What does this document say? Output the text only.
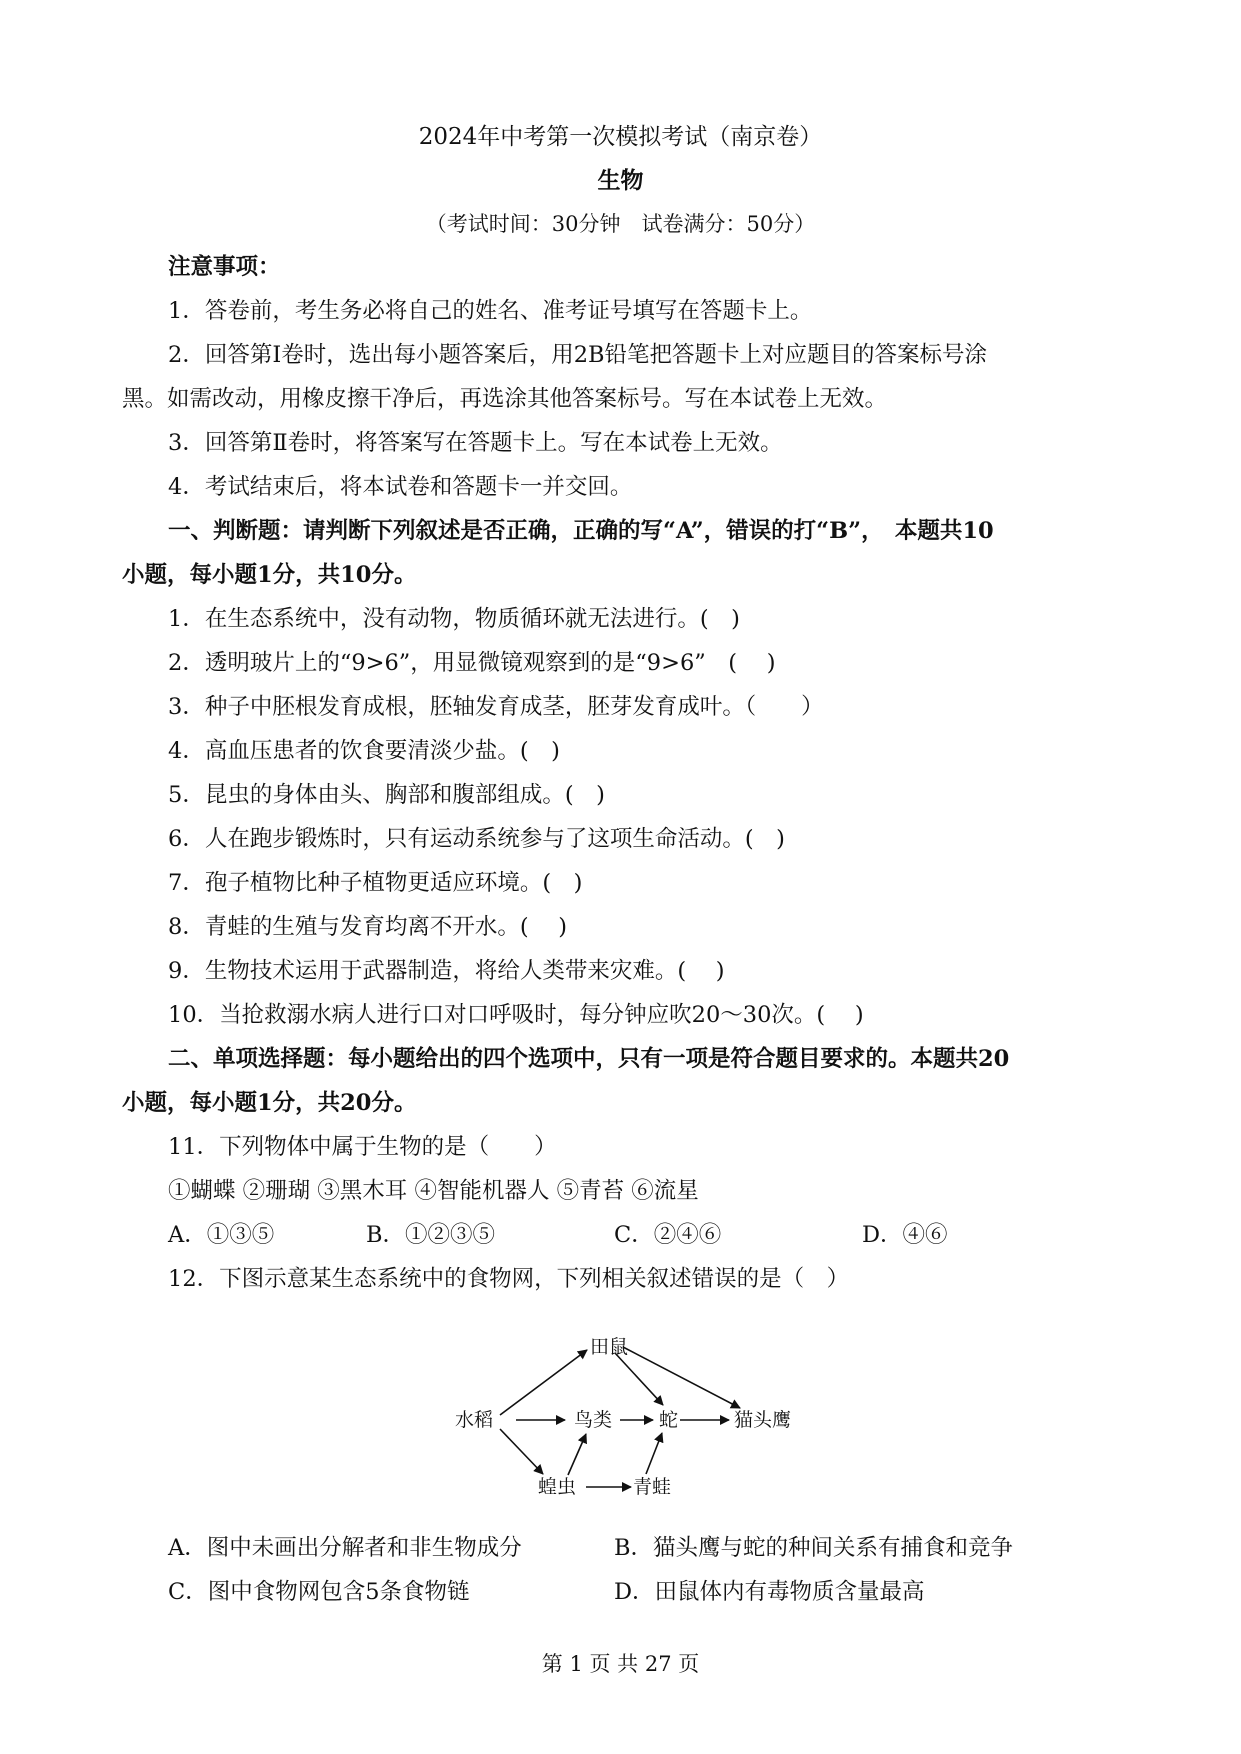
2024年中考第一次模拟考试（南京卷）
生物
（考试时间：30分钟　试卷满分：50分）
注意事项：
1．答卷前，考生务必将自己的姓名、准考证号填写在答题卡上。
2．回答第Ⅰ卷时，选出每小题答案后，用2B铅笔把答题卡上对应题目的答案标号涂
黑。如需改动，用橡皮擦干净后，再选涂其他答案标号。写在本试卷上无效。
3．回答第Ⅱ卷时，将答案写在答题卡上。写在本试卷上无效。
4．考试结束后，将本试卷和答题卡一并交回。
一、判断题：请判断下列叙述是否正确，正确的写“A”，错误的打“B”，　本题共10
小题，每小题1分，共10分。
1．在生态系统中，没有动物，物质循环就无法进行。(　)
2．透明玻片上的“9>6”，用显微镜观察到的是“9>6”　(　 )
3．种子中胚根发育成根，胚轴发育成茎，胚芽发育成叶。（　　）
4．高血压患者的饮食要清淡少盐。(　)
5．昆虫的身体由头、胸部和腹部组成。(　)
6．人在跑步锻炼时，只有运动系统参与了这项生命活动。(　)
7．孢子植物比种子植物更适应环境。(　)
8．青蛙的生殖与发育均离不开水。(　 )
9．生物技术运用于武器制造，将给人类带来灾难。(　 )
10．当抢救溺水病人进行口对口呼吸时，每分钟应吹20～30次。(　 )
二、单项选择题：每小题给出的四个选项中，只有一项是符合题目要求的。本题共20
小题，每小题1分，共20分。
11．下列物体中属于生物的是（　　）
①蝴蝶 ②珊瑚 ③黑木耳 ④智能机器人 ⑤青苔 ⑥流星
A．①③⑤	B．①②③⑤	C．②④⑥	D．④⑥
12．下图示意某生态系统中的食物网，下列相关叙述错误的是（　）
田鼠
水稻	鸟类 蛇	猫头鹰
蝗虫	青蛙
A．图中未画出分解者和非生物成分	B．猫头鹰与蛇的种间关系有捕食和竞争
C．图中食物网包含5条食物链	D．田鼠体内有毒物质含量最高
第 1 页 共 27 页
